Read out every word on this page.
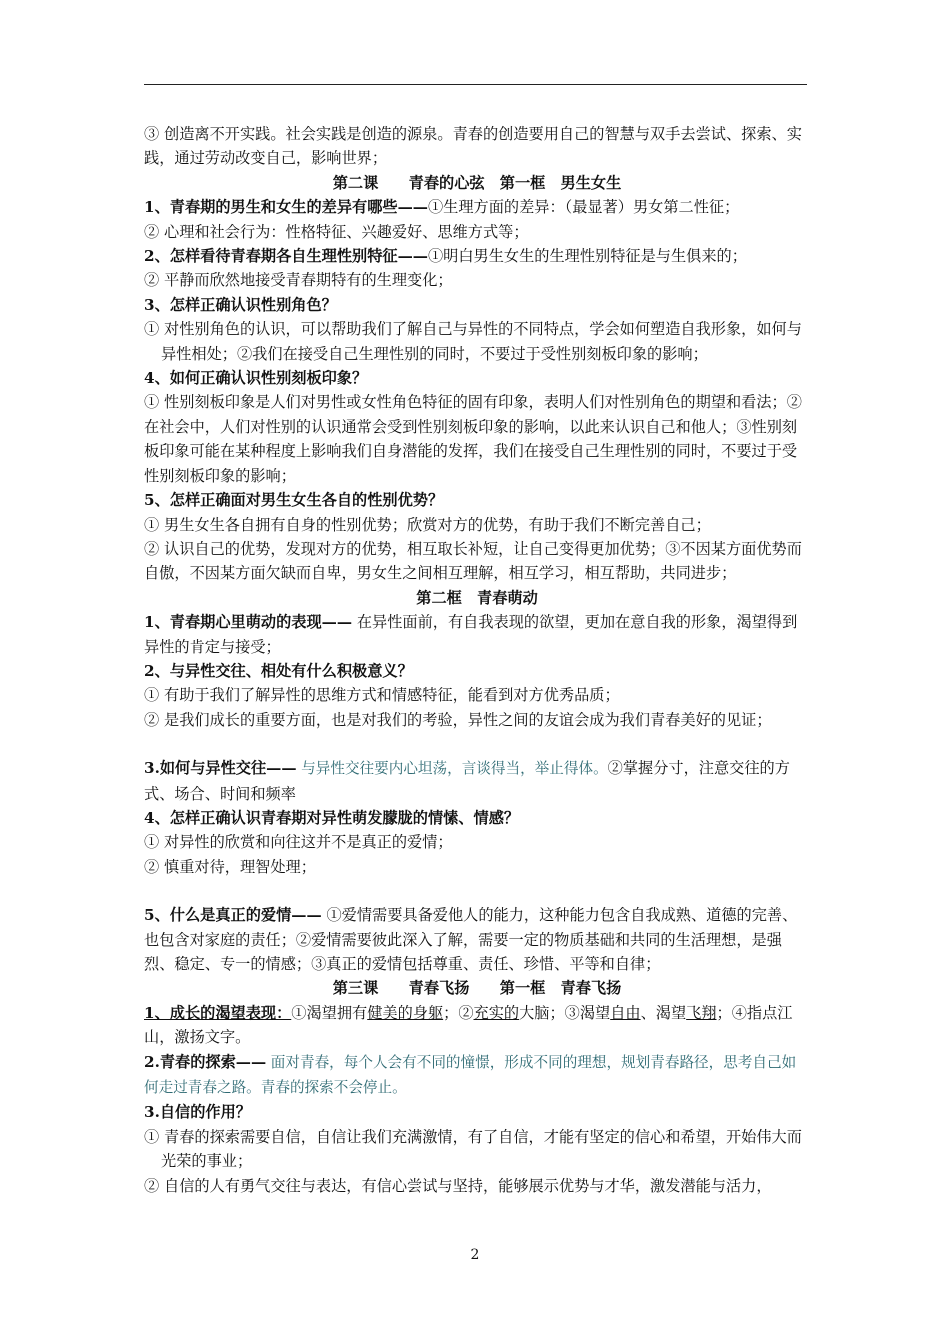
③ 创造离不开实践。社会实践是创造的源泉。青春的创造要用自己的智慧与双手去尝试、探索、实践，通过劳动改变自己，影响世界；

第二课　　青春的心弦　第一框　男生女生

1、青春期的男生和女生的差异有哪些——①生理方面的差异：（最显著）男女第二性征；

② 心理和社会行为：性格特征、兴趣爱好、思维方式等；

2、怎样看待青春期各自生理性别特征——①明白男生女生的生理性别特征是与生俱来的；

② 平静而欣然地接受青春期特有的生理变化；

3、怎样正确认识性别角色？

① 对性别角色的认识，可以帮助我们了解自己与异性的不同特点，学会如何塑造自我形象，如何与异性相处；②我们在接受自己生理性别的同时，不要过于受性别刻板印象的影响；

4、如何正确认识性别刻板印象？

① 性别刻板印象是人们对男性或女性角色特征的固有印象，表明人们对性别角色的期望和看法；②在社会中，人们对性别的认识通常会受到性别刻板印象的影响，以此来认识自己和他人；③性别刻板印象可能在某种程度上影响我们自身潜能的发挥，我们在接受自己生理性别的同时，不要过于受性别刻板印象的影响；

5、怎样正确面对男生女生各自的性别优势？

① 男生女生各自拥有自身的性别优势；欣赏对方的优势，有助于我们不断完善自己；

② 认识自己的优势，发现对方的优势，相互取长补短，让自己变得更加优势；③不因某方面优势而自傲，不因某方面欠缺而自卑，男女生之间相互理解，相互学习，相互帮助，共同进步；

第二框　青春萌动

1、青春期心里萌动的表现—— 在异性面前，有自我表现的欲望，更加在意自我的形象，渴望得到异性的肯定与接受；

2、与异性交往、相处有什么积极意义？

① 有助于我们了解异性的思维方式和情感特征，能看到对方优秀品质；

② 是我们成长的重要方面，也是对我们的考验，异性之间的友谊会成为我们青春美好的见证；

3.如何与异性交往—— 与异性交往要内心坦荡，言谈得当，举止得体。②掌握分寸，注意交往的方式、场合、时间和频率

4、怎样正确认识青春期对异性萌发朦胧的情愫、情感？

① 对异性的欣赏和向往这并不是真正的爱情；

② 慎重对待，理智处理；

5、什么是真正的爱情—— ①爱情需要具备爱他人的能力，这种能力包含自我成熟、道德的完善、也包含对家庭的责任；②爱情需要彼此深入了解，需要一定的物质基础和共同的生活理想，是强烈、稳定、专一的情感；③真正的爱情包括尊重、责任、珍惜、平等和自律；

第三课　　青春飞扬　　第一框　青春飞扬

1、成长的渴望表现：①渴望拥有健美的身躯；②充实的大脑；③渴望自由、渴望飞翔；④指点江山，激扬文字。

2.青春的探索—— 面对青春，每个人会有不同的憧憬，形成不同的理想，规划青春路径，思考自己如何走过青春之路。青春的探索不会停止。

3.自信的作用？

① 青春的探索需要自信，自信让我们充满激情，有了自信，才能有坚定的信心和希望，开始伟大而光荣的事业；

② 自信的人有勇气交往与表达，有信心尝试与坚持，能够展示优势与才华，激发潜能与活力，

2
